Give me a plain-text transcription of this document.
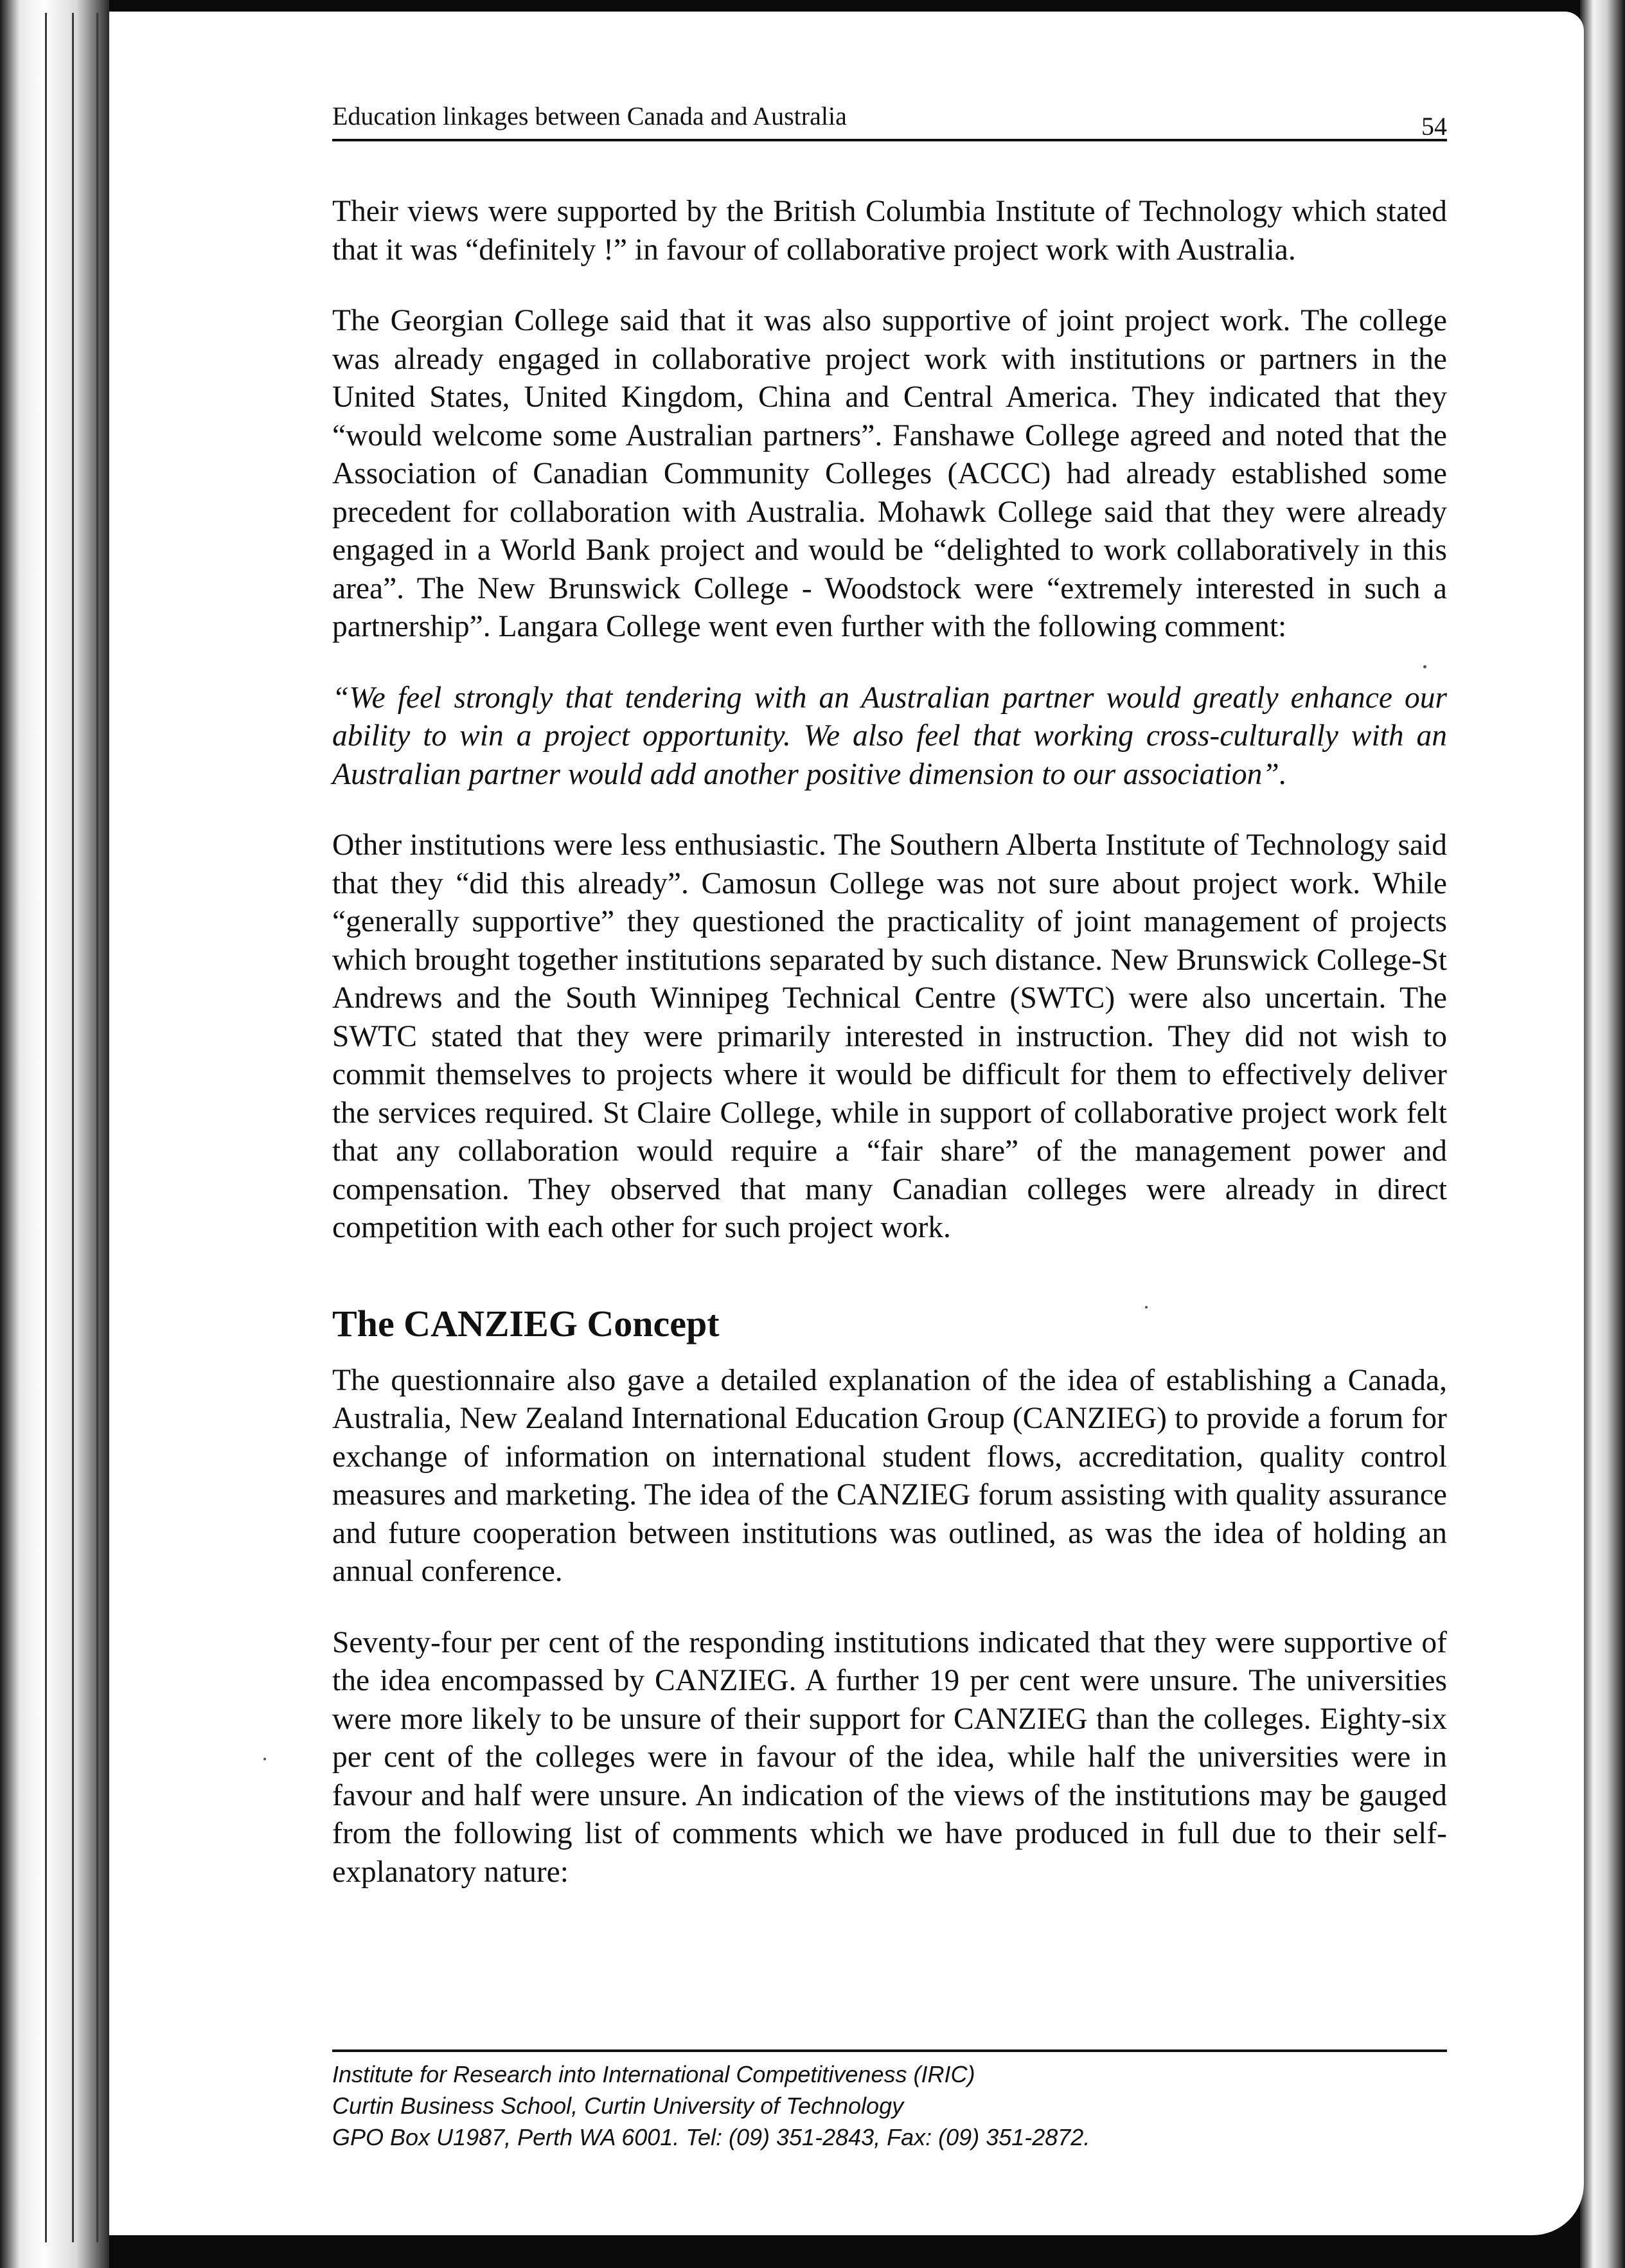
Education linkages between Canada and Australia	54

Their views were supported by the British Columbia Institute of Technology which stated that it was “definitely !” in favour of collaborative project work with Australia.

The Georgian College said that it was also supportive of joint project work. The college was already engaged in collaborative project work with institutions or partners in the United States, United Kingdom, China and Central America. They indicated that they “would welcome some Australian partners”. Fanshawe College agreed and noted that the Association of Canadian Community Colleges (ACCC) had already established some precedent for collaboration with Australia. Mohawk College said that they were already engaged in a World Bank project and would be “delighted to work collaboratively in this area”. The New Brunswick College - Woodstock were “extremely interested in such a partnership”. Langara College went even further with the following comment:

“We feel strongly that tendering with an Australian partner would greatly enhance our ability to win a project opportunity. We also feel that working cross-culturally with an Australian partner would add another positive dimension to our association”.

Other institutions were less enthusiastic. The Southern Alberta Institute of Technology said that they “did this already”. Camosun College was not sure about project work. While “generally supportive” they questioned the practicality of joint management of projects which brought together institutions separated by such distance. New Brunswick College-St Andrews and the South Winnipeg Technical Centre (SWTC) were also uncertain. The SWTC stated that they were primarily interested in instruction. They did not wish to commit themselves to projects where it would be difficult for them to effectively deliver the services required. St Claire College, while in support of collaborative project work felt that any collaboration would require a “fair share” of the management power and compensation. They observed that many Canadian colleges were already in direct competition with each other for such project work.

The CANZIEG Concept

The questionnaire also gave a detailed explanation of the idea of establishing a Canada, Australia, New Zealand International Education Group (CANZIEG) to provide a forum for exchange of information on international student flows, accreditation, quality control measures and marketing. The idea of the CANZIEG forum assisting with quality assurance and future cooperation between institutions was outlined, as was the idea of holding an annual conference.

Seventy-four per cent of the responding institutions indicated that they were supportive of the idea encompassed by CANZIEG. A further 19 per cent were unsure. The universities were more likely to be unsure of their support for CANZIEG than the colleges. Eighty-six per cent of the colleges were in favour of the idea, while half the universities were in favour and half were unsure. An indication of the views of the institutions may be gauged from the following list of comments which we have produced in full due to their self-explanatory nature:

Institute for Research into International Competitiveness (IRIC)
Curtin Business School, Curtin University of Technology
GPO Box U1987, Perth WA 6001. Tel: (09) 351-2843, Fax: (09) 351-2872.
